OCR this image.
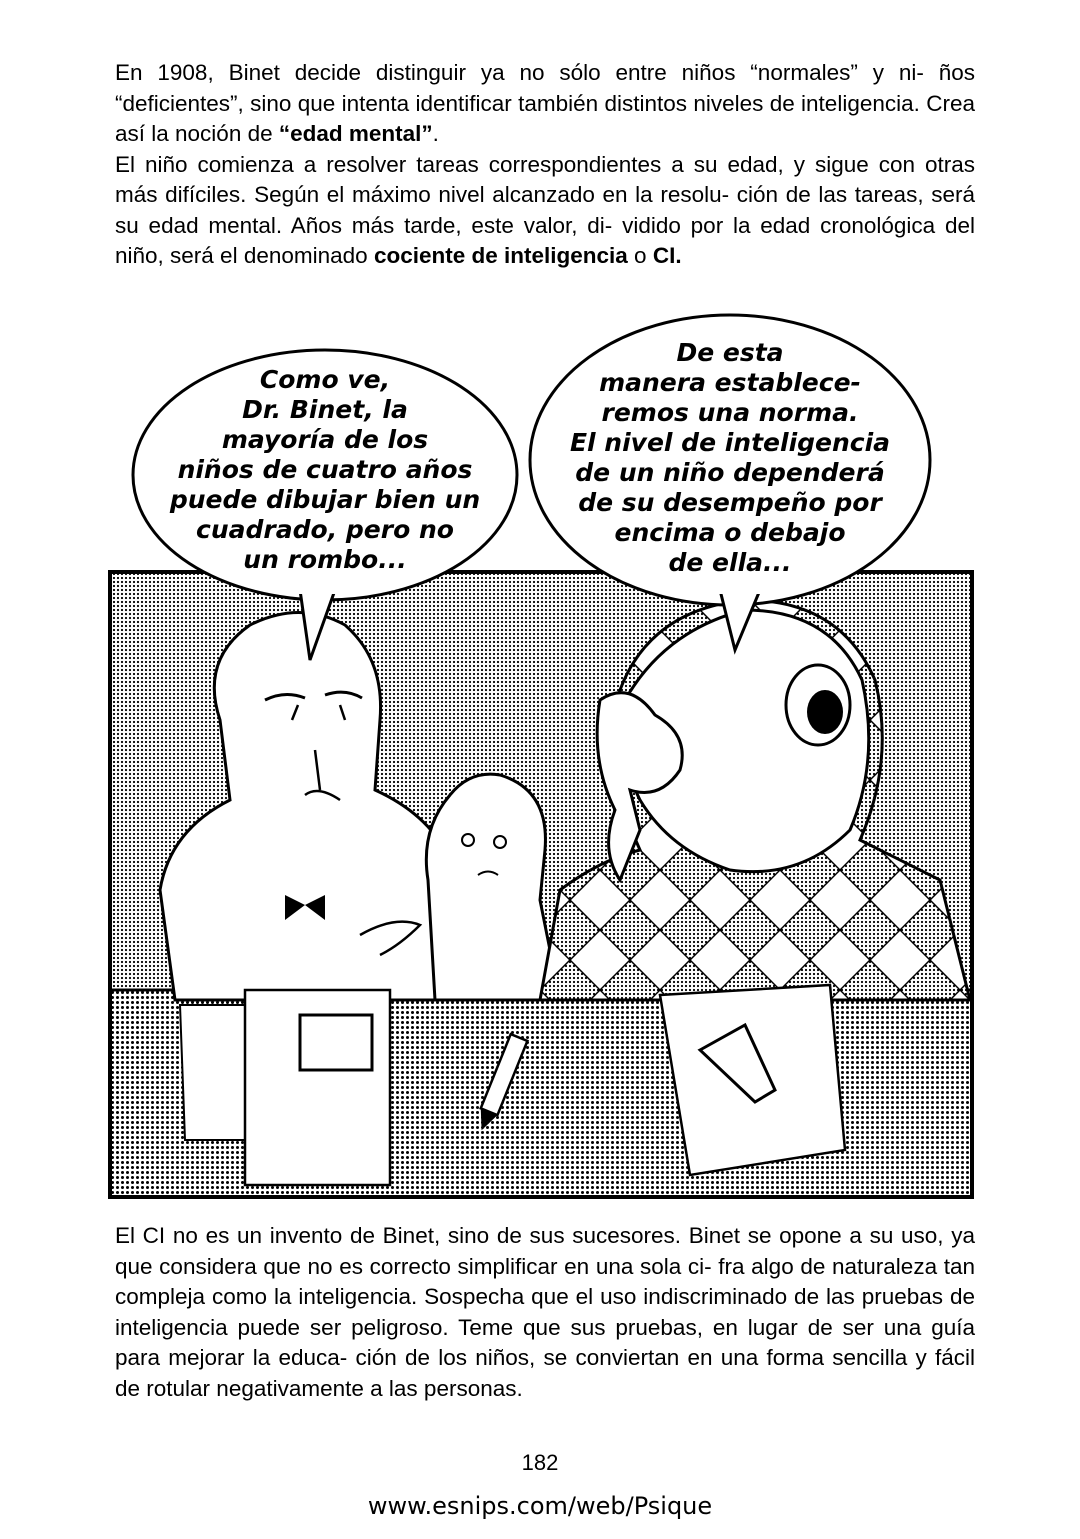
En 1908, Binet decide distinguir ya no sólo entre niños “normales” y ni- ños “deficientes”, sino que intenta identificar también distintos niveles de inteligencia. Crea así la noción de “edad mental”.
El niño comienza a resolver tareas correspondientes a su edad, y sigue con otras más difíciles. Según el máximo nivel alcanzado en la resolu- ción de las tareas, será su edad mental. Años más tarde, este valor, di- vidido por la edad cronológica del niño, será el denominado cociente de inteligencia o CI.

Como ve,
Dr. Binet, la
mayoría de los
niños de cuatro años
puede dibujar bien un
cuadrado, pero no
un rombo...
De esta
manera establece-
remos una norma.
El nivel de inteligencia
de un niño dependerá
de su desempeño por
encima o debajo
de ella...

El CI no es un invento de Binet, sino de sus sucesores. Binet se opone a su uso, ya que considera que no es correcto simplificar en una sola ci- fra algo de naturaleza tan compleja como la inteligencia. Sospecha que el uso indiscriminado de las pruebas de inteligencia puede ser peligroso. Teme que sus pruebas, en lugar de ser una guía para mejorar la educa- ción de los niños, se conviertan en una forma sencilla y fácil de rotular negativamente a las personas.

182
www.esnips.com/web/Psique
